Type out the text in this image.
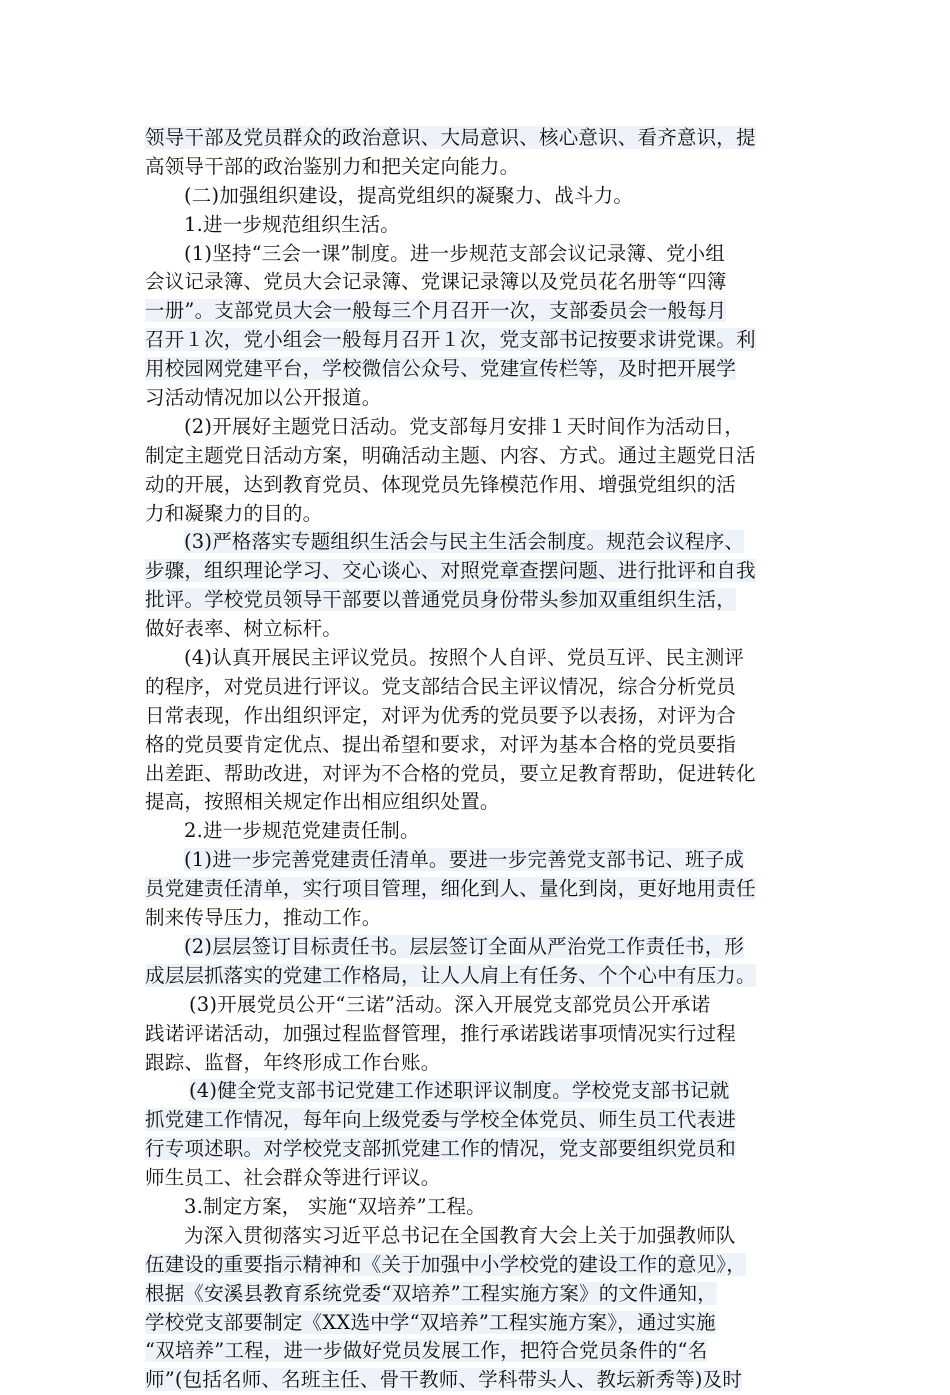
领导干部及党员群众的政治意识、大局意识、核心意识、看齐意识，提
高领导干部的政治鉴别力和把关定向能力。
(二)加强组织建设，提高党组织的凝聚力、战斗力。
1.进一步规范组织生活。
(1)坚持“三会一课”制度。进一步规范支部会议记录簿、党小组
会议记录簿、党员大会记录簿、党课记录簿以及党员花名册等“四簿
一册”。支部党员大会一般每三个月召开一次，支部委员会一般每月
召开１次，党小组会一般每月召开１次，党支部书记按要求讲党课。利
用校园网党建平台，学校微信公众号、党建宣传栏等，及时把开展学
习活动情况加以公开报道。
(2)开展好主题党日活动。党支部每月安排１天时间作为活动日，
制定主题党日活动方案，明确活动主题、内容、方式。通过主题党日活
动的开展，达到教育党员、体现党员先锋模范作用、增强党组织的活
力和凝聚力的目的。
(3)严格落实专题组织生活会与民主生活会制度。规范会议程序、
步骤，组织理论学习、交心谈心、对照党章查摆问题、进行批评和自我
批评。学校党员领导干部要以普通党员身份带头参加双重组织生活，
做好表率、树立标杆。
(4)认真开展民主评议党员。按照个人自评、党员互评、民主测评
的程序，对党员进行评议。党支部结合民主评议情况，综合分析党员
日常表现，作出组织评定，对评为优秀的党员要予以表扬，对评为合
格的党员要肯定优点、提出希望和要求，对评为基本合格的党员要指
出差距、帮助改进，对评为不合格的党员，要立足教育帮助，促进转化
提高，按照相关规定作出相应组织处置。
2.进一步规范党建责任制。
(1)进一步完善党建责任清单。要进一步完善党支部书记、班子成
员党建责任清单，实行项目管理，细化到人、量化到岗，更好地用责任
制来传导压力，推动工作。
(2)层层签订目标责任书。层层签订全面从严治党工作责任书，形
成层层抓落实的党建工作格局，让人人肩上有任务、个个心中有压力。
(3)开展党员公开“三诺”活动。深入开展党支部党员公开承诺
践诺评诺活动，加强过程监督管理，推行承诺践诺事项情况实行过程
跟踪、监督，年终形成工作台账。
(4)健全党支部书记党建工作述职评议制度。学校党支部书记就
抓党建工作情况，每年向上级党委与学校全体党员、师生员工代表进
行专项述职。对学校党支部抓党建工作的情况，党支部要组织党员和
师生员工、社会群众等进行评议。
3.制定方案， 实施“双培养”工程。
为深入贯彻落实习近平总书记在全国教育大会上关于加强教师队
伍建设的重要指示精神和《关于加强中小学校党的建设工作的意见》，
根据《安溪县教育系统党委“双培养”工程实施方案》的文件通知，
学校党支部要制定《XX选中学“双培养”工程实施方案》，通过实施
“双培养”工程，进一步做好党员发展工作，把符合党员条件的“名
师”(包括名师、名班主任、骨干教师、学科带头人、教坛新秀等)及时
